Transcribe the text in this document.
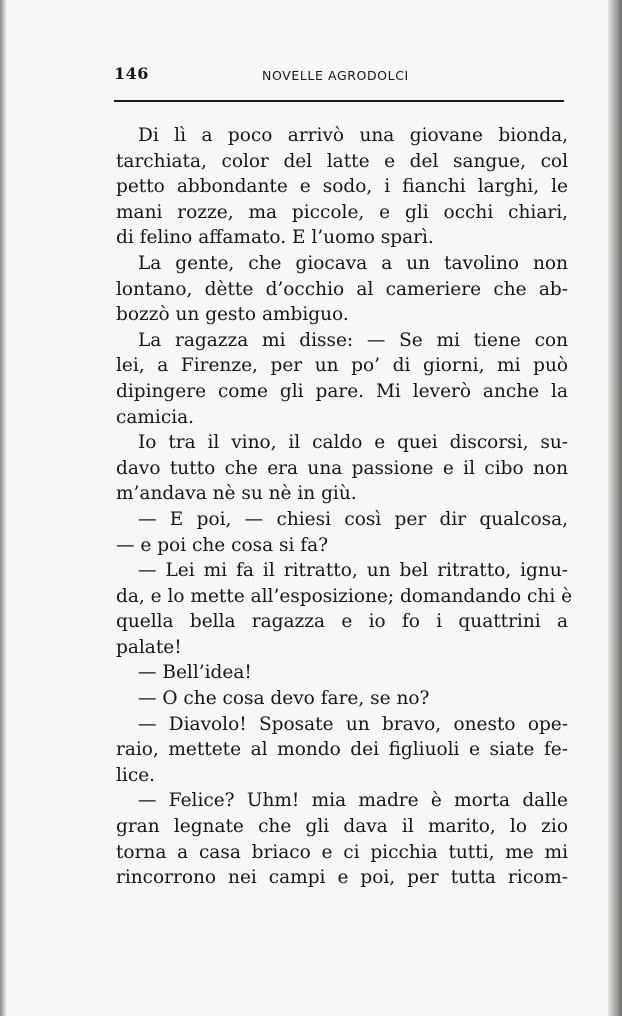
146	NOVELLE AGRODOLCI
Di lì a poco arrivò una giovane bionda,
tarchiata, color del latte e del sangue, col
petto abbondante e sodo, i fianchi larghi, le
mani rozze, ma piccole, e gli occhi chiari,
di felino affamato. E l’uomo sparì.
La gente, che giocava a un tavolino non
lontano, dètte d’occhio al cameriere che ab-
bozzò un gesto ambiguo.
La ragazza mi disse: — Se mi tiene con
lei, a Firenze, per un po’ di giorni, mi può
dipingere come gli pare. Mi leverò anche la
camicia.
Io tra il vino, il caldo e quei discorsi, su-
davo tutto che era una passione e il cibo non
m’andava nè su nè in giù.
— E poi, — chiesi così per dir qualcosa,
— e poi che cosa si fa?
— Lei mi fa il ritratto, un bel ritratto, ignu-
da, e lo mette all’esposizione; domandando chi è
quella bella ragazza e io fo i quattrini a
palate!
— Bell’idea!
— O che cosa devo fare, se no?
— Diavolo! Sposate un bravo, onesto ope-
raio, mettete al mondo dei figliuoli e siate fe-
lice.
— Felice? Uhm! mia madre è morta dalle
gran legnate che gli dava il marito, lo zio
torna a casa briaco e ci picchia tutti, me mi
rincorrono nei campi e poi, per tutta ricom-
